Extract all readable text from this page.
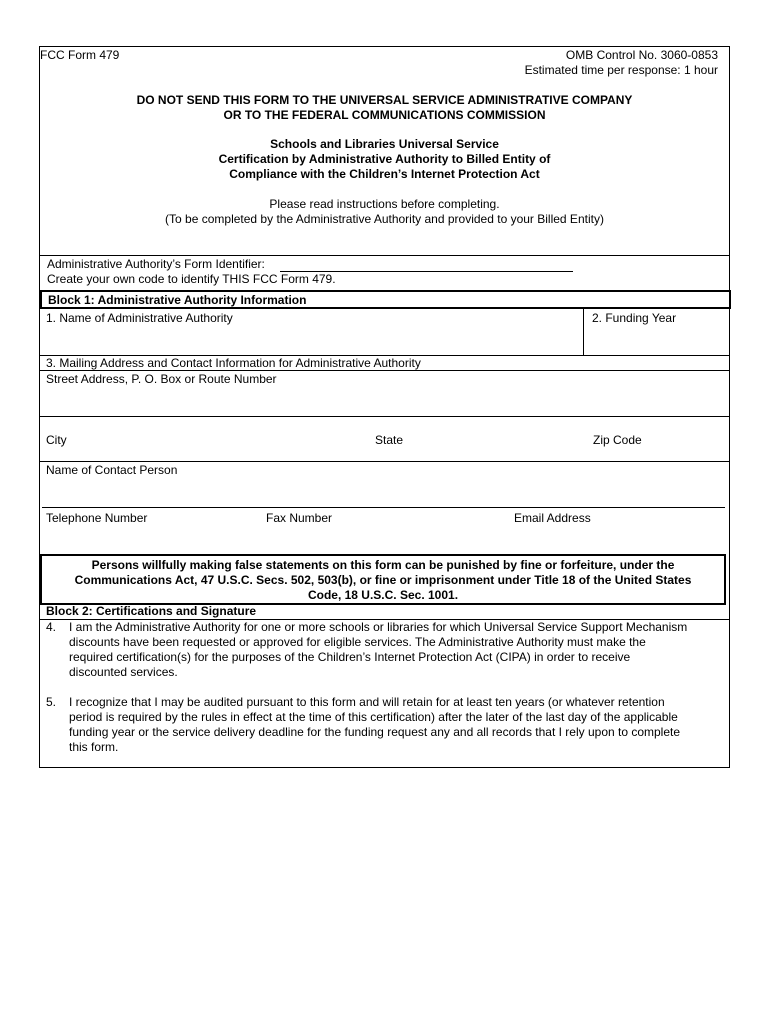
FCC Form 479	OMB Control No. 3060-0853
Estimated time per response: 1 hour
DO NOT SEND THIS FORM TO THE UNIVERSAL SERVICE ADMINISTRATIVE COMPANY
OR TO THE FEDERAL COMMUNICATIONS COMMISSION
Schools and Libraries Universal Service
Certification by Administrative Authority to Billed Entity of
Compliance with the Children’s Internet Protection Act
Please read instructions before completing.
(To be completed by the Administrative Authority and provided to your Billed Entity)
Administrative Authority’s Form Identifier:
Create your own code to identify THIS FCC Form 479.
Block 1: Administrative Authority Information
1. Name of Administrative Authority	2. Funding Year
3. Mailing Address and Contact Information for Administrative Authority
Street Address, P. O. Box or Route Number
City	State	Zip Code
Name of Contact Person
Telephone Number	Fax Number	Email Address
Persons willfully making false statements on this form can be punished by fine or forfeiture, under the
Communications Act, 47 U.S.C. Secs. 502, 503(b), or fine or imprisonment under Title 18 of the United States
Code, 18 U.S.C. Sec. 1001.
Block 2: Certifications and Signature
4. I am the Administrative Authority for one or more schools or libraries for which Universal Service Support Mechanism
discounts have been requested or approved for eligible services. The Administrative Authority must make the
required certification(s) for the purposes of the Children’s Internet Protection Act (CIPA) in order to receive
discounted services.
5. I recognize that I may be audited pursuant to this form and will retain for at least ten years (or whatever retention
period is required by the rules in effect at the time of this certification) after the later of the last day of the applicable
funding year or the service delivery deadline for the funding request any and all records that I rely upon to complete
this form.
